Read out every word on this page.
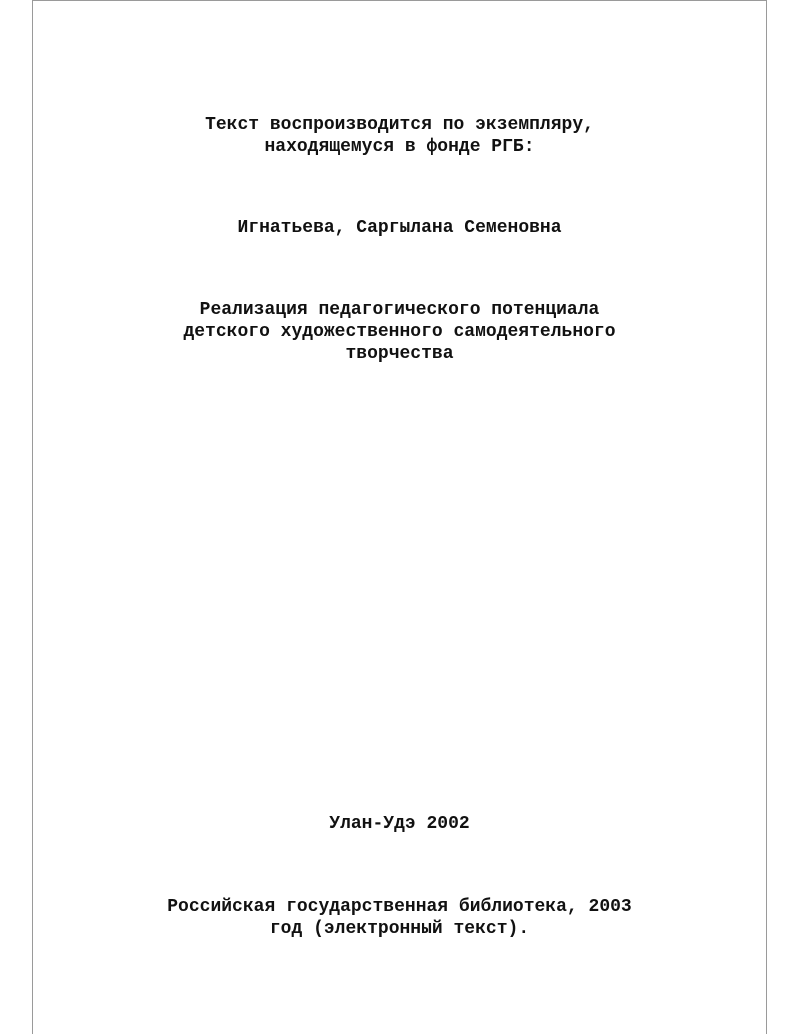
Текст воспроизводится по экземпляру,
находящемуся в фонде РГБ:
Игнатьева, Саргылана Семеновна
Реализация педагогического потенциала
детского художественного самодеятельного
творчества
Улан-Удэ 2002
Российская государственная библиотека, 2003
год (электронный текст).
